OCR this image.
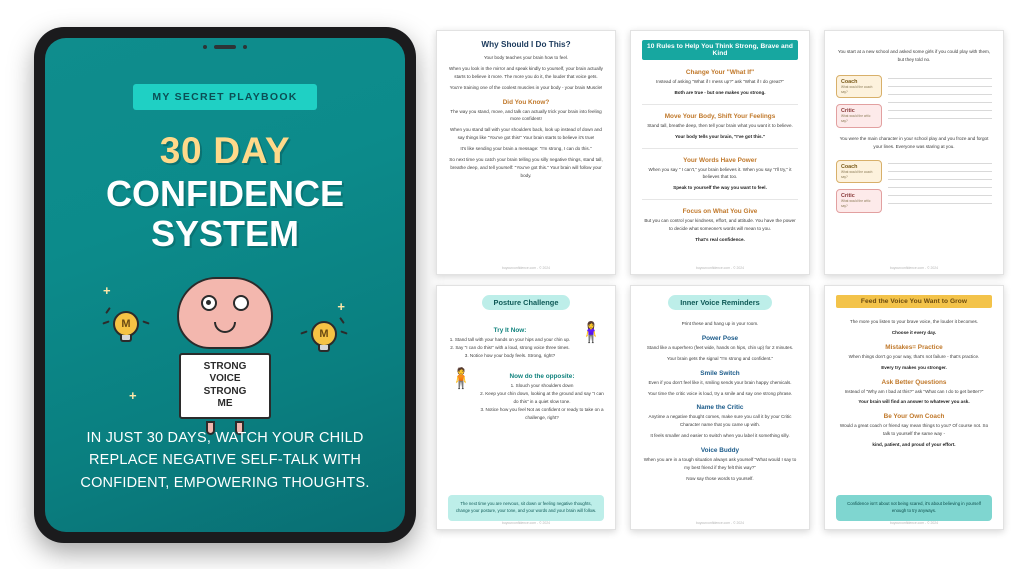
MY SECRET PLAYBOOK
30 DAY
CONFIDENCE
SYSTEM
+
+
+
M
M
STRONG
VOICE
STRONG
ME
IN JUST 30 DAYS, WATCH YOUR CHILD REPLACE NEGATIVE SELF-TALK WITH CONFIDENT, EMPOWERING THOUGHTS.
Why Should I Do This?
Your body teaches your brain how to feel.
When you look in the mirror and speak kindly to yourself, your brain actually starts to believe it more. The more you do it, the louder that voice gets.
You're training one of the coolest muscles in your body - your brain Muscle!
Did You Know?
The way you stand, move, and talk can actually trick your brain into feeling more confident!
When you stand tall with your shoulders back, look up instead of down and say things like "You've got this!" Your brain starts to believe it's true!
It's like sending your brain a message: "I'm strong, I can do this."
So next time you catch your brain telling you silly negative things, stand tall, breathe deep, and tell yourself: "You've got this." Your brain will follow your body.
buyourconfidence.com - © 2024
10 Rules to Help You Think Strong, Brave and Kind
Change Your "What If"
Instead of asking "What if I mess up?" ask "What if I do great?"
Both are true - but one makes you strong.
Move Your Body, Shift Your Feelings
Stand tall, breathe deep, then tell your brain what you want it to believe.
Your body tells your brain, "I've got this."
Your Words Have Power
When you say " I can't," your brain believes it. When you say "I'll try," it believes that too.
Speak to yourself the way you want to feel.
Focus on What You Give
But you can control your kindness, effort, and attitude. You have the power to decide what someone's words will mean to you.
That's real confidence.
buyourconfidence.com - © 2024
You start at a new school and asked some girls if you could play with them, but they told no.
Coach
What would the coach say?
Critic
What would the critic say?
You were the main character in your school play and you froze and forgot your lines. Everyone was staring at you.
Coach
What would the coach say?
Critic
What would the critic say?
buyourconfidence.com - © 2024
Posture Challenge
Try It Now:
1. Stand tall with your hands on your hips and your chin up.
2. Say "I can do this!" with a loud, strong voice three times.
3. Notice how your body feels. Strong, right?
🧍‍♀️
🧍	Now do the opposite:
1. Slouch your shoulders down
2. Keep your chin down, looking at the ground and say "I can do this" in a quiet slow tone.
3. Notice how you feel Not as confident or ready to take on a challenge, right?
The next time you are nervous, sit down or feeling negative thoughts, change your posture, your tone, and your words and your brain will follow.
buyourconfidence.com - © 2024
Inner Voice Reminders
Print these and hang up in your room.
Power Pose
Stand like a superhero (feet wide, hands on hips, chin up) for 2 minutes.
Your brain gets the signal "I'm strong and confident."
Smile Switch
Even if you don't feel like it, smiling sends your brain happy chemicals.
Your time the critic voice is loud, try a smile and say one strong phrase.
Name the Critic
Anytime a negative thought comes, make sure you call it by your Critic Character name that you came up with.
It feels smaller and easier to switch when you label it something silly.
Voice Buddy
When you are in a tough situation always ask yourself "What would I say to my best friend if they felt this way?"
Now say those words to yourself.
buyourconfidence.com - © 2024
Feed the Voice You Want to Grow
The more you listen to your brave voice, the louder it becomes.
Choose it every day.
Mistakes= Practice
When things don't go your way, that's not failure - that's practice.
Every try makes you stronger.
Ask Better Questions
Instead of "Why am I bad at this?" ask "What can I do to get better?"
Your brain will find an answer to whatever you ask.
Be Your Own Coach
Would a great coach or friend say mean things to you? Of course not. So talk to yourself the same way -
kind, patient, and proud of your effort.
Confidence isn't about not being scared, it's about believing in yourself enough to try anyways.
buyourconfidence.com - © 2024
